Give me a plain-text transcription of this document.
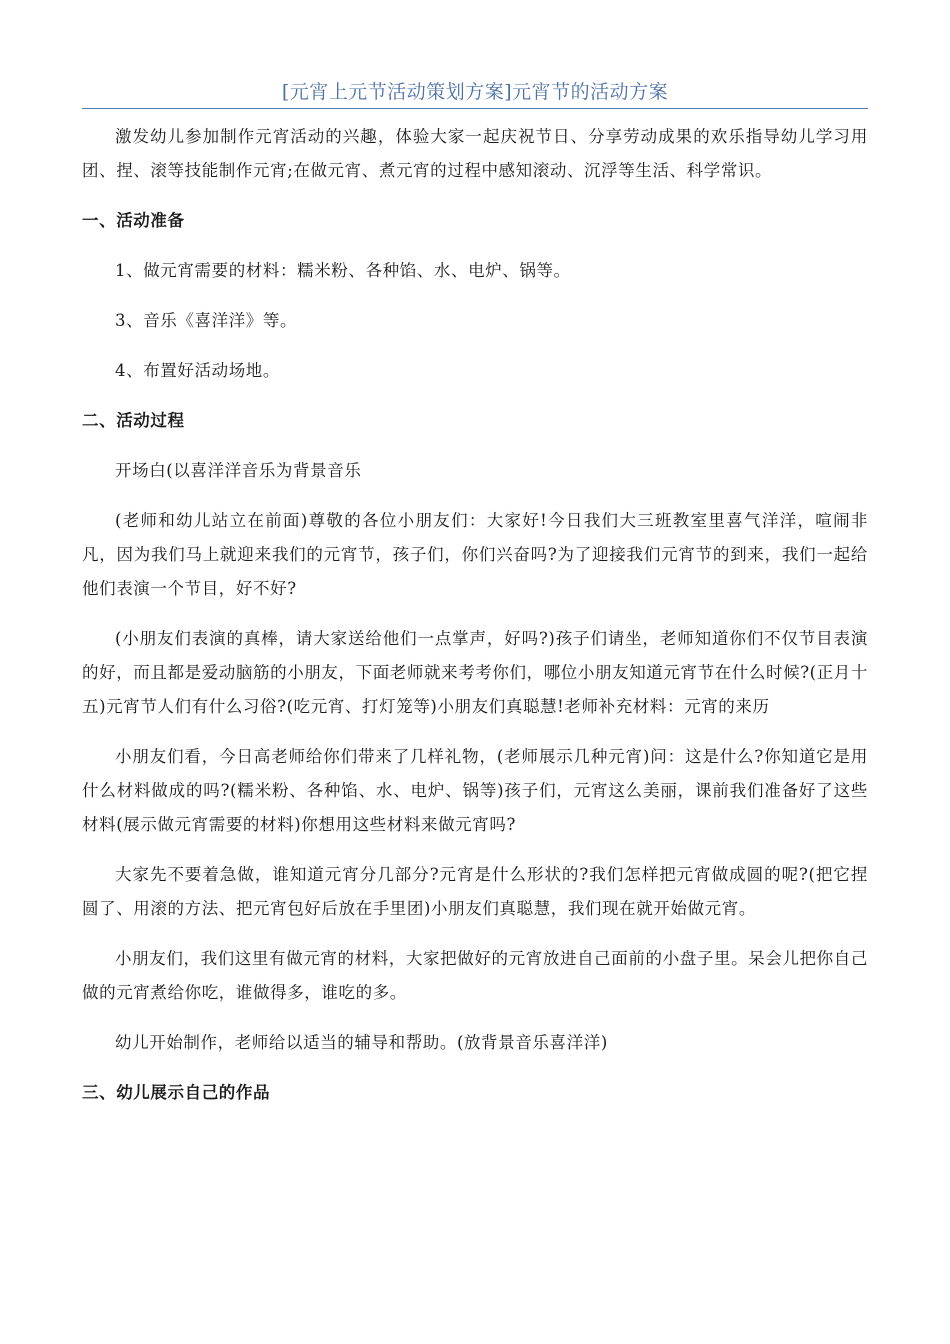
[元宵上元节活动策划方案]元宵节的活动方案

激发幼儿参加制作元宵活动的兴趣，体验大家一起庆祝节日、分享劳动成果的欢乐指导幼儿学习用团、捏、滚等技能制作元宵;在做元宵、煮元宵的过程中感知滚动、沉浮等生活、科学常识。

一、活动准备

1、做元宵需要的材料：糯米粉、各种馅、水、电炉、锅等。

3、音乐《喜洋洋》等。

4、布置好活动场地。

二、活动过程

开场白(以喜洋洋音乐为背景音乐

(老师和幼儿站立在前面)尊敬的各位小朋友们：大家好!今日我们大三班教室里喜气洋洋，喧闹非凡，因为我们马上就迎来我们的元宵节，孩子们，你们兴奋吗?为了迎接我们元宵节的到来，我们一起给他们表演一个节目，好不好?

(小朋友们表演的真棒，请大家送给他们一点掌声，好吗?)孩子们请坐，老师知道你们不仅节目表演的好，而且都是爱动脑筋的小朋友，下面老师就来考考你们，哪位小朋友知道元宵节在什么时候?(正月十五)元宵节人们有什么习俗?(吃元宵、打灯笼等)小朋友们真聪慧!老师补充材料：元宵的来历

小朋友们看，今日高老师给你们带来了几样礼物，(老师展示几种元宵)问：这是什么?你知道它是用什么材料做成的吗?(糯米粉、各种馅、水、电炉、锅等)孩子们，元宵这么美丽，课前我们准备好了这些材料(展示做元宵需要的材料)你想用这些材料来做元宵吗?

大家先不要着急做，谁知道元宵分几部分?元宵是什么形状的?我们怎样把元宵做成圆的呢?(把它捏圆了、用滚的方法、把元宵包好后放在手里团)小朋友们真聪慧，我们现在就开始做元宵。

小朋友们，我们这里有做元宵的材料，大家把做好的元宵放进自己面前的小盘子里。呆会儿把你自己做的元宵煮给你吃，谁做得多，谁吃的多。

幼儿开始制作，老师给以适当的辅导和帮助。(放背景音乐喜洋洋)

三、幼儿展示自己的作品
